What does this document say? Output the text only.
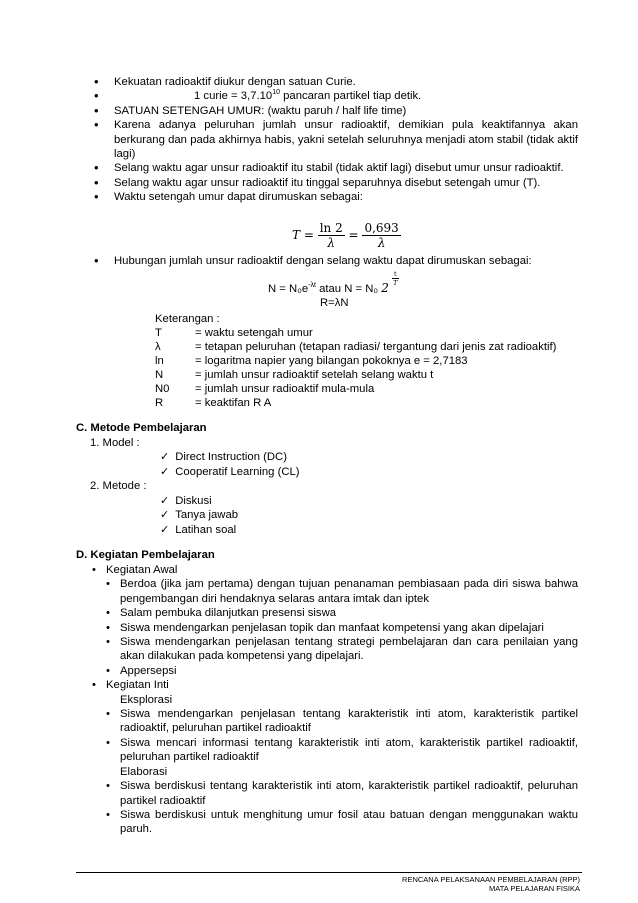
• Kekuatan radioaktif diukur dengan satuan Curie.
• 1 curie = $3,7.10^{10}$ pancaran partikel tiap detik.
• SATUAN SETENGAH UMUR: (waktu paruh / half life time)
• Karena adanya peluruhan jumlah unsur radioaktif, demikian pula keaktifannya akan berkurang dan pada akhirnya habis, yakni setelah seluruhnya menjadi atom stabil (tidak aktif lagi)
• Selang waktu agar unsur radioaktif itu stabil (tidak aktif lagi) disebut umur unsur radioaktif.
• Selang waktu agar unsur radioaktif itu tinggal separuhnya disebut setengah umur (T).
• Waktu setengah umur dapat dirumuskan sebagai:
$T = \frac{\ln 2}{\lambda} = \frac{0,693}{\lambda}$
• Hubungan jumlah unsur radioaktif dengan selang waktu dapat dirumuskan sebagai:
$N = N_0e^{-\lambda t}$ atau N = N₀ 2
$\frac{t}{T}$
R=λN
Keterangan :
T	= waktu setengah umur
λ	= tetapan peluruhan (tetapan radiasi/ tergantung dari jenis zat radioaktif)
ln	= logaritma napier yang bilangan pokoknya e = 2,7183
N	= jumlah unsur radioaktif setelah selang waktu t
N0	= jumlah unsur radioaktif mula-mula
R	= keaktifan R A
C. Metode Pembelajaran
1. Model :
✓ Direct Instruction (DC)
✓ Cooperatif Learning (CL)
2. Metode :
✓ Diskusi
✓ Tanya jawab
✓ Latihan soal
D. Kegiatan Pembelajaran
• Kegiatan Awal
• Berdoa (jika jam pertama) dengan tujuan penanaman pembiasaan pada diri siswa bahwa pengembangan diri hendaknya selaras antara imtak dan iptek
• Salam pembuka dilanjutkan presensi siswa
• Siswa mendengarkan penjelasan topik dan manfaat kompetensi yang akan dipelajari
• Siswa mendengarkan penjelasan tentang strategi pembelajaran dan cara penilaian yang akan dilakukan pada kompetensi yang dipelajari.
• Appersepsi
• Kegiatan Inti
Eksplorasi
• Siswa mendengarkan penjelasan tentang karakteristik inti atom, karakteristik partikel radioaktif, peluruhan partikel radioaktif
• Siswa mencari informasi tentang karakteristik inti atom, karakteristik partikel radioaktif, peluruhan partikel radioaktif
Elaborasi
• Siswa berdiskusi tentang karakteristik inti atom, karakteristik partikel radioaktif, peluruhan partikel radioaktif
• Siswa berdiskusi untuk menghitung umur fosil atau batuan dengan menggunakan waktu paruh.
RENCANA PELAKSANAAN PEMBELAJARAN (RPP)
MATA PELAJARAN FISIKA
